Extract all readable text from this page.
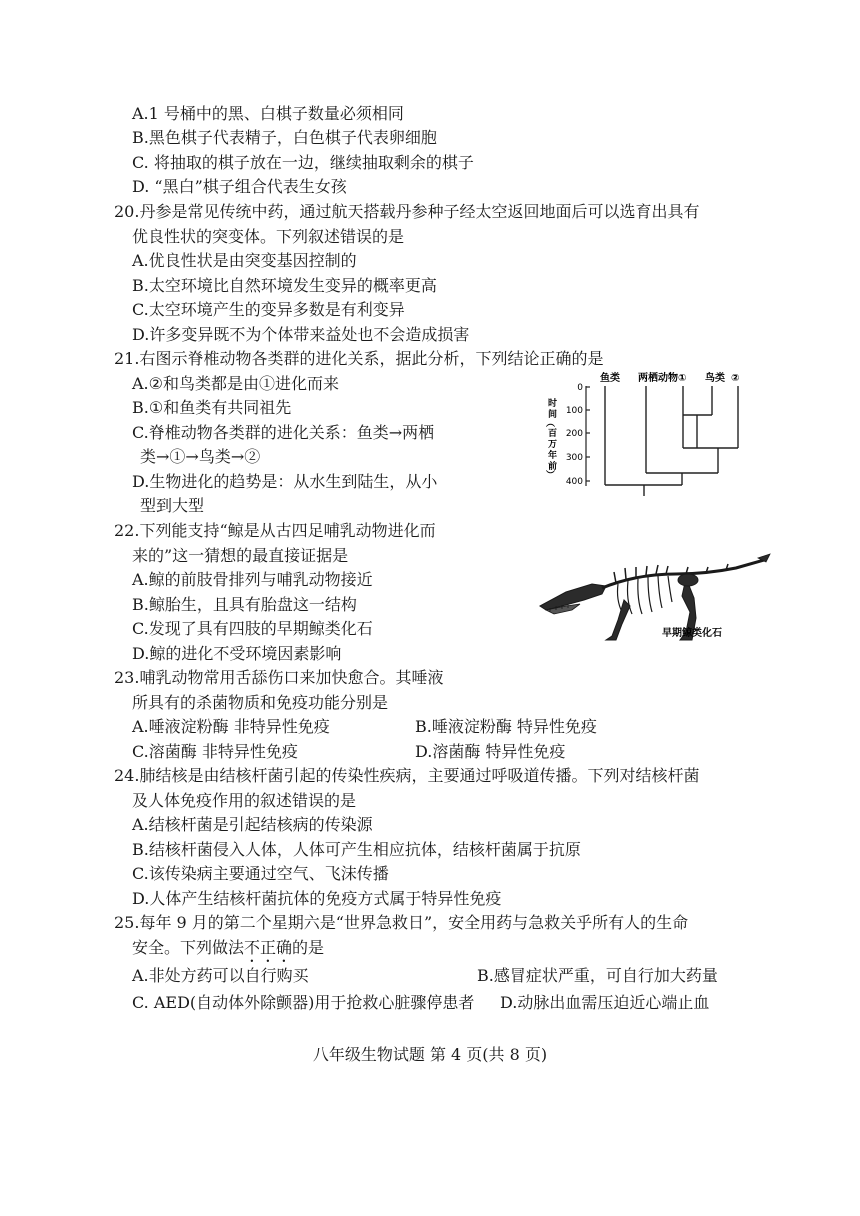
A.1 号桶中的黑、白棋子数量必须相同
B.黑色棋子代表精子，白色棋子代表卵细胞
C. 将抽取的棋子放在一边，继续抽取剩余的棋子
D. “黑白”棋子组合代表生女孩
20.丹参是常见传统中药，通过航天搭载丹参种子经太空返回地面后可以选育出具有
优良性状的突变体。下列叙述错误的是
A.优良性状是由突变基因控制的
B.太空环境比自然环境发生变异的概率更高
C.太空环境产生的变异多数是有利变异
D.许多变异既不为个体带来益处也不会造成损害
21.右图示脊椎动物各类群的进化关系，据此分析，下列结论正确的是
A.②和鸟类都是由①进化而来
B.①和鱼类有共同祖先
C.脊椎动物各类群的进化关系：鱼类→两栖
类→①→鸟类→②
D.生物进化的趋势是：从水生到陆生，从小
型到大型
鱼类 两栖动物 ① 鸟类 ②
时
间
︵
百
万
年
前
︶
0
100
200
300
400
22.下列能支持“鲸是从古四足哺乳动物进化而
来的”这一猜想的最直接证据是
A.鲸的前肢骨排列与哺乳动物接近
B.鲸胎生，且具有胎盘这一结构
C.发现了具有四肢的早期鲸类化石
D.鲸的进化不受环境因素影响
早期鲸类化石
23.哺乳动物常用舌舔伤口来加快愈合。其唾液
所具有的杀菌物质和免疫功能分别是
A.唾液淀粉酶 非特异性免疫	B.唾液淀粉酶 特异性免疫
C.溶菌酶 非特异性免疫	D.溶菌酶 特异性免疫
24.肺结核是由结核杆菌引起的传染性疾病，主要通过呼吸道传播。下列对结核杆菌
及人体免疫作用的叙述错误的是
A.结核杆菌是引起结核病的传染源
B.结核杆菌侵入人体，人体可产生相应抗体，结核杆菌属于抗原
C.该传染病主要通过空气、飞沫传播
D.人体产生结核杆菌抗体的免疫方式属于特异性免疫
25.每年 9 月的第二个星期六是“世界急救日”，安全用药与急救关乎所有人的生命
安全。下列做法不正确的是
A.非处方药可以自行购买	B.感冒症状严重，可自行加大药量
C. AED(自动体外除颤器)用于抢救心脏骤停患者 D.动脉出血需压迫近心端止血
八年级生物试题 第 4 页(共 8 页)
